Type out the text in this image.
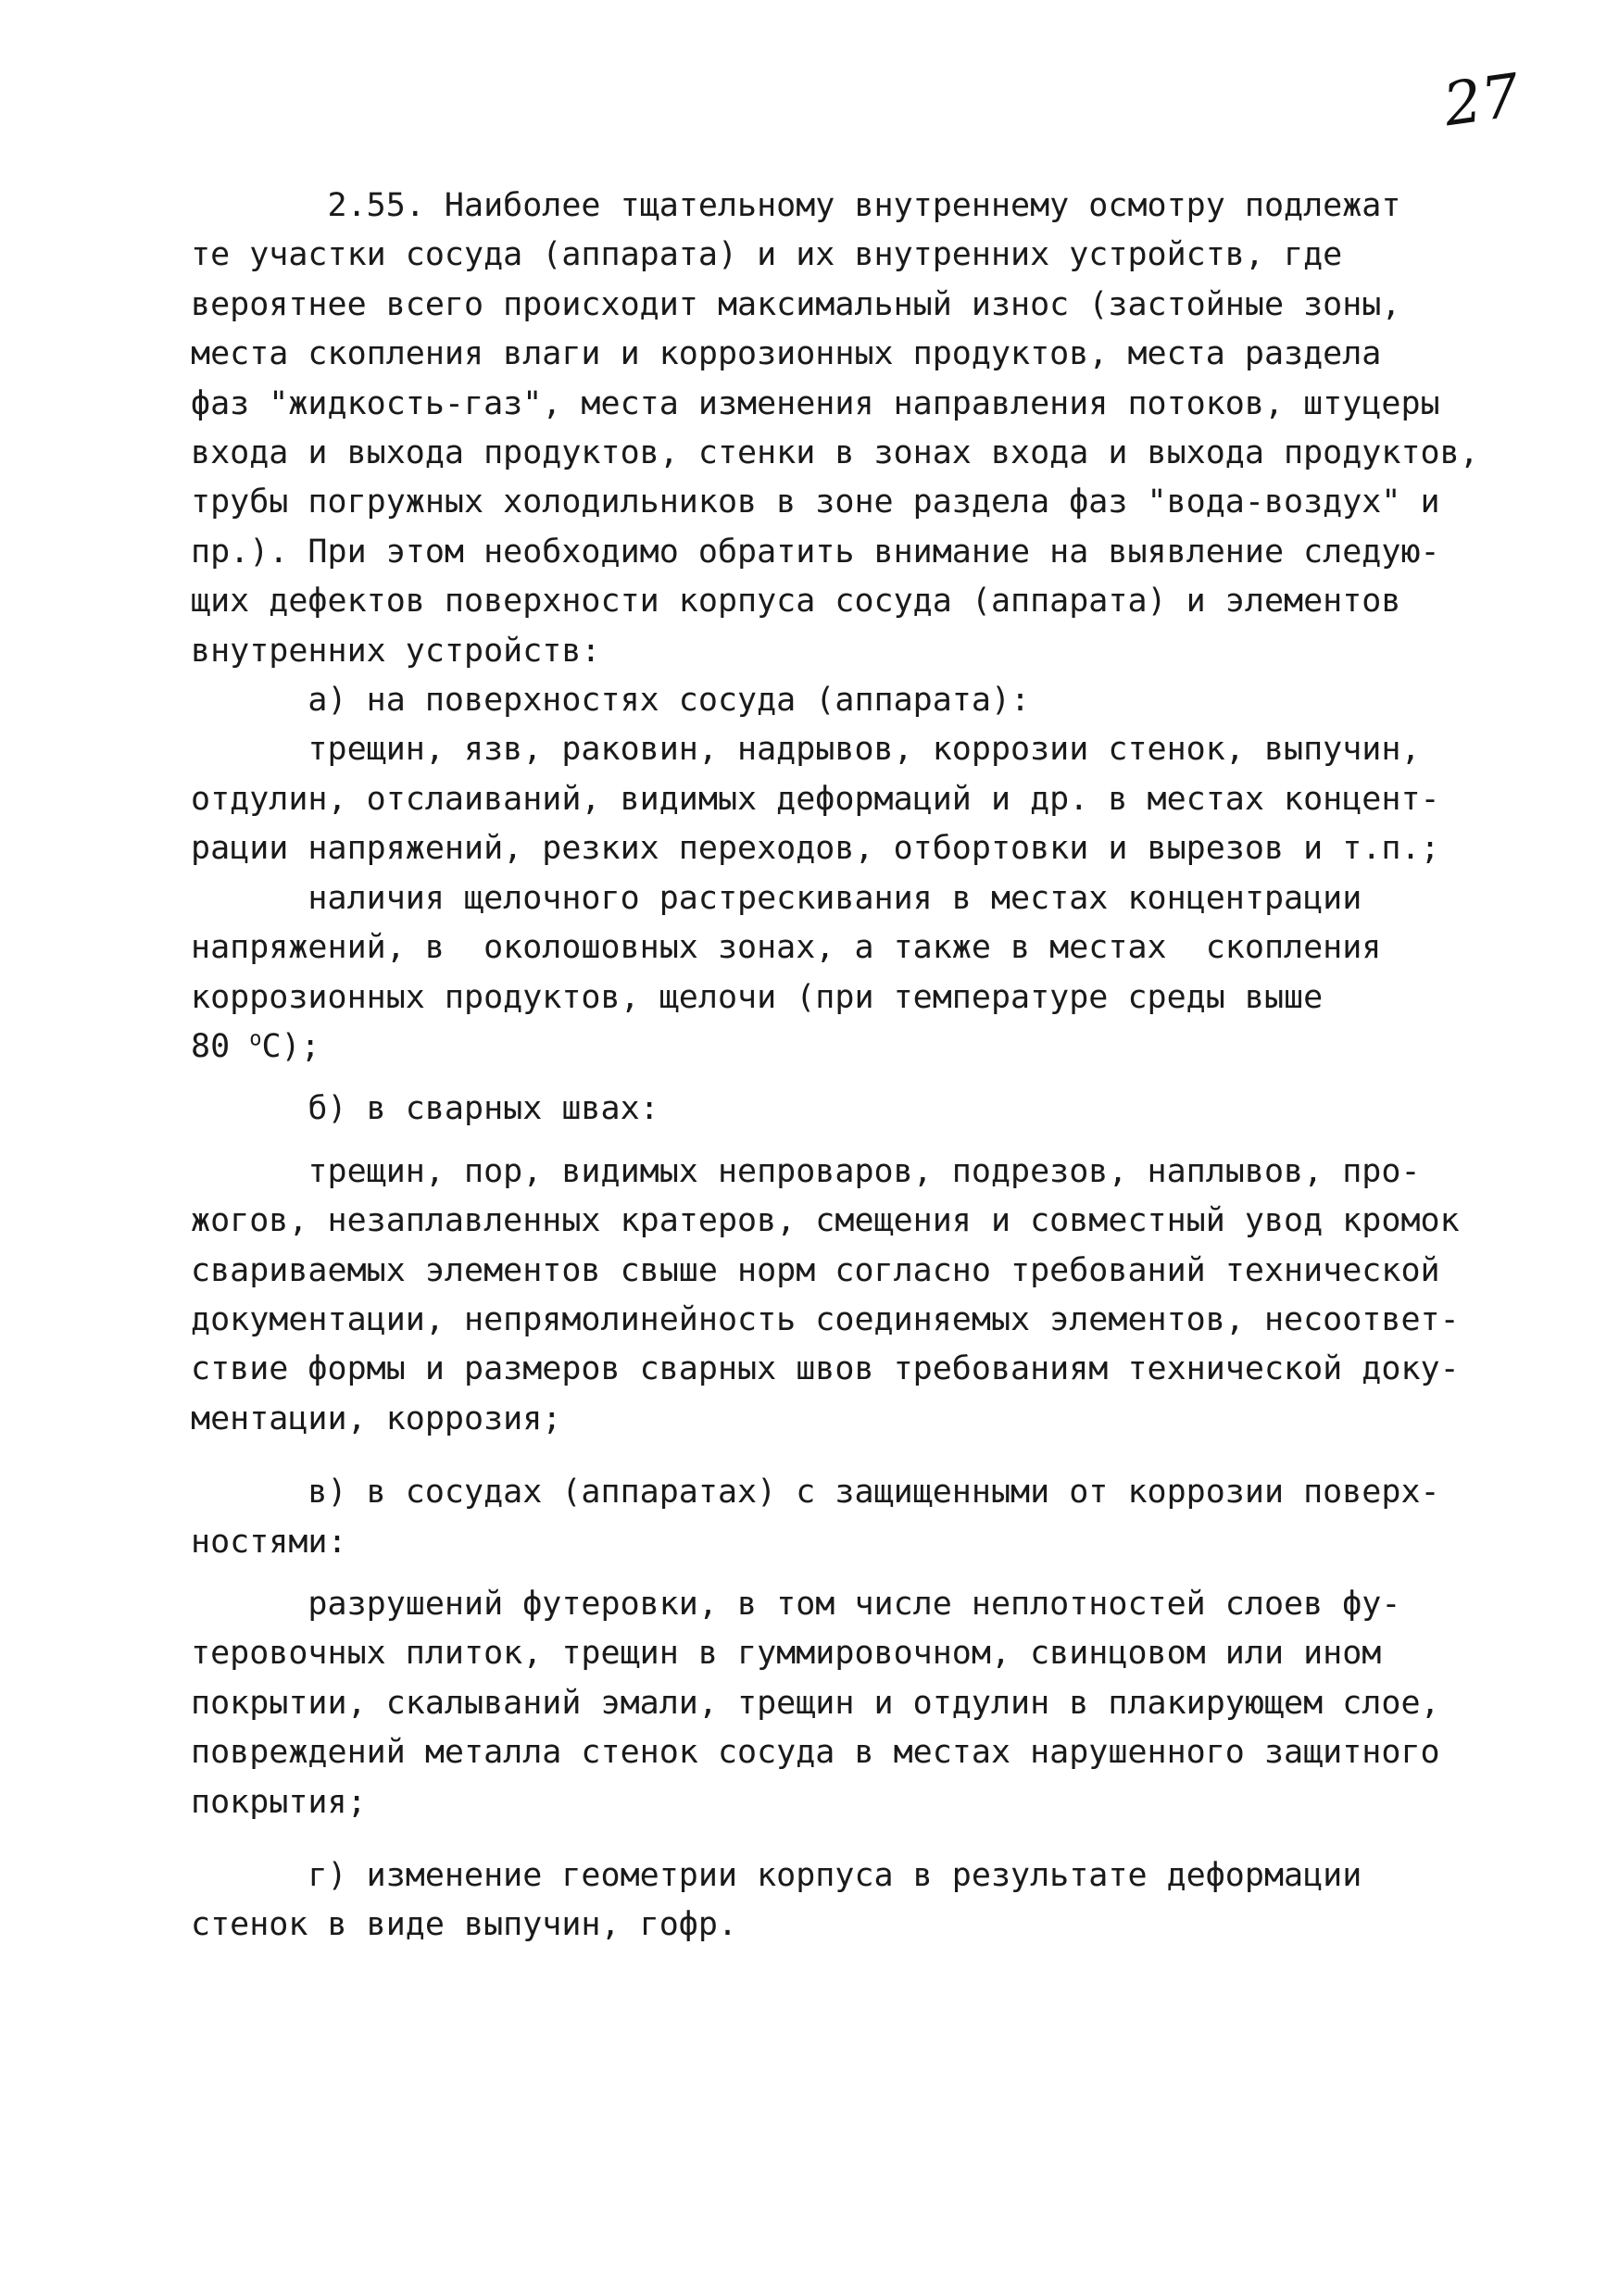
27

2.55. Наиболее тщательному внутреннему осмотру подлежат

те участки сосуда (аппарата) и их внутренних устройств, где

вероятнее всего происходит максимальный износ (застойные зоны,

места скопления влаги и коррозионных продуктов, места раздела

фаз "жидкость-газ", места изменения направления потоков, штуцеры

входа и выхода продуктов, стенки в зонах входа и выхода продуктов,

трубы погружных холодильников в зоне раздела фаз "вода-воздух" и

пр.). При этом необходимо обратить внимание на выявление следую-

щих дефектов поверхности корпуса сосуда (аппарата) и элементов

внутренних устройств:

а) на поверхностях сосуда (аппарата):

трещин, язв, раковин, надрывов, коррозии стенок, выпучин,

отдулин, отслаиваний, видимых деформаций и др. в местах концент-

рации напряжений, резких переходов, отбортовки и вырезов и т.п.;

наличия щелочного растрескивания в местах концентрации

напряжений, в  околошовных зонах, а также в местах  скопления

коррозионных продуктов, щелочи (при температуре среды выше

80 $^о$С);

б) в сварных швах:

трещин, пор, видимых непроваров, подрезов, наплывов, про-

жогов, незаплавленных кратеров, смещения и совместный увод кромок

свариваемых элементов свыше норм согласно требований технической

документации, непрямолинейность соединяемых элементов, несоответ-

ствие формы и размеров сварных швов требованиям технической доку-

ментации, коррозия;

в) в сосудах (аппаратах) с защищенными от коррозии поверх-

ностями:

разрушений футеровки, в том числе неплотностей слоев фу-

теровочных плиток, трещин в гуммировочном, свинцовом или ином

покрытии, скалываний эмали, трещин и отдулин в плакирующем слое,

повреждений металла стенок сосуда в местах нарушенного защитного

покрытия;

г) изменение геометрии корпуса в результате деформации

стенок в виде выпучин, гофр.
